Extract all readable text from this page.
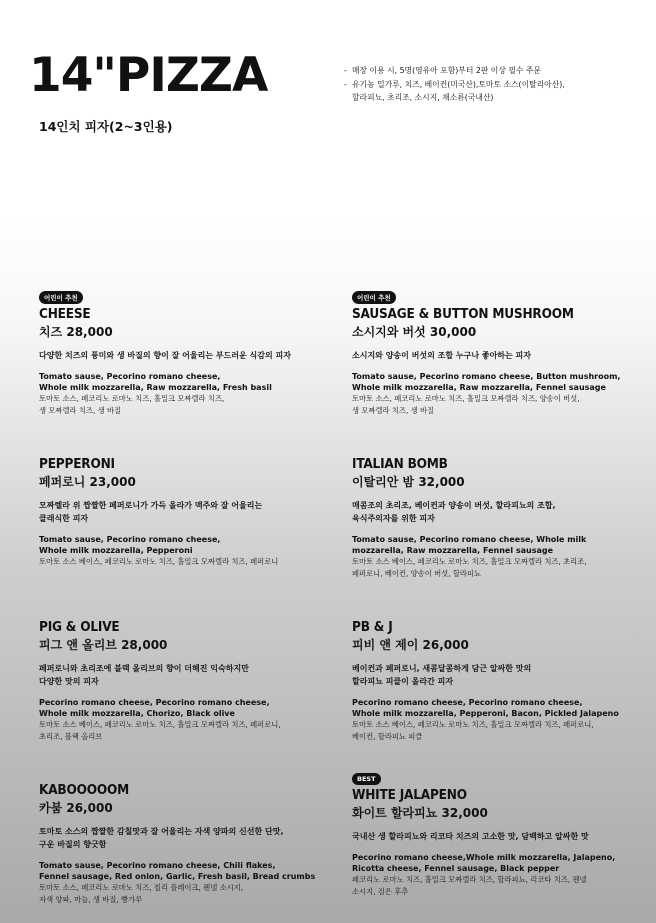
14"PIZZA
14인치 피자(2~3인용)
- 매장 이용 시, 5명(영유아 포함)부터 2판 이상 필수 주문
- 유기농 밀가루, 치즈, 베이컨(미국산),토마토 소스(이탈리아산),
할라피뇨, 초리조, 소시지, 채소류(국내산)
어린이 추천
CHEESE
치즈 28,000
다양한 치즈의 풍미와 생 바질의 향이 잘 어울리는 부드러운 식감의 피자
Tomato sause, Pecorino romano cheese,
Whole milk mozzarella, Raw mozzarella, Fresh basil
토마토 소스, 페코리노 로마노 치즈, 홀밀크 모짜렐라 치즈,
생 모짜렐라 치즈, 생 바질
어린이 추천
SAUSAGE & BUTTON MUSHROOM
소시지와 버섯 30,000
소시지와 양송이 버섯의 조합 누구나 좋아하는 피자
Tomato sause, Pecorino romano cheese, Button mushroom,
Whole milk mozzarella, Raw mozzarella, Fennel sausage
토마토 소스, 페코리노 로마노 치즈, 홀밀크 모짜렐라 치즈, 양송이 버섯,
생 모짜렐라 치즈, 생 바질
PEPPERONI
페퍼로니 23,000
모짜렐라 위 짭짤한 페퍼로니가 가득 올라가 맥주와 잘 어울리는
클래식한 피자
Tomato sause, Pecorino romano cheese,
Whole milk mozzarella, Pepperoni
토마토 소스 베이스, 페코리노 로마노 치즈, 홀밀크 모짜렐라 치즈, 페퍼로니
ITALIAN BOMB
이탈리안 밤 32,000
매콤조의 초리조, 베이컨과 양송이 버섯, 할라피뇨의 조합,
육식주의자를 위한 피자
Tomato sause, Pecorino romano cheese, Whole milk
mozzarella, Raw mozzarella, Fennel sausage
토마토 소스 베이스, 페코리노 로마노 치즈, 홀밀크 모짜렐라 치즈, 초리조,
페퍼로니, 베이컨, 양송이 버섯, 할라피뇨
PIG & OLIVE
피그 앤 올리브 28,000
페퍼로니와 초리조에 블랙 올리브의 향이 더해진 익숙하지만
다양한 맛의 피자
Pecorino romano cheese, Pecorino romano cheese,
Whole milk mozzarella, Chorizo, Black olive
토마토 소스 베이스, 페코리노 로마노 치즈, 홀밀크 모짜렐라 치즈, 페퍼로니,
초리조, 블랙 올리브
PB & J
피비 앤 제이 26,000
베이컨과 페퍼로니, 새콤달콤하게 담근 알싸한 맛의
할라피뇨 피클이 올라간 피자
Pecorino romano cheese, Pecorino romano cheese,
Whole milk mozzarella, Pepperoni, Bacon, Pickled Jalapeno
토마토 소스 베이스, 페코리노 로마노 치즈, 홀밀크 모짜렐라 치즈, 페퍼로니,
베이컨, 할라피뇨 피클
KABOOOOOM
카붐 26,000
토마토 소스의 짭짤한 감칠맛과 잘 어울리는 자색 양파의 신선한 단맛,
구운 바질의 향긋함
Tomato sause, Pecorino romano cheese, Chili flakes,
Fennel sausage, Red onion, Garlic, Fresh basil, Bread crumbs
토마토 소스, 페코리노 로마노 치즈, 칠리 플레이크, 펜넬 소시지,
자색 양파, 마늘, 생 바질, 빵가루
BEST
WHITE JALAPENO
화이트 할라피뇨 32,000
국내산 생 할라피뇨와 리코타 치즈의 고소한 맛, 담백하고 알싸한 맛
Pecorino romano cheese,Whole milk mozzarella, Jalapeno,
Ricotta cheese, Fennel sausage, Black pepper
페코리노 로마노 치즈, 홀밀크 모짜렐라 치즈, 할라피뇨, 리코타 치즈, 펜넬
소시지, 검은 후추
